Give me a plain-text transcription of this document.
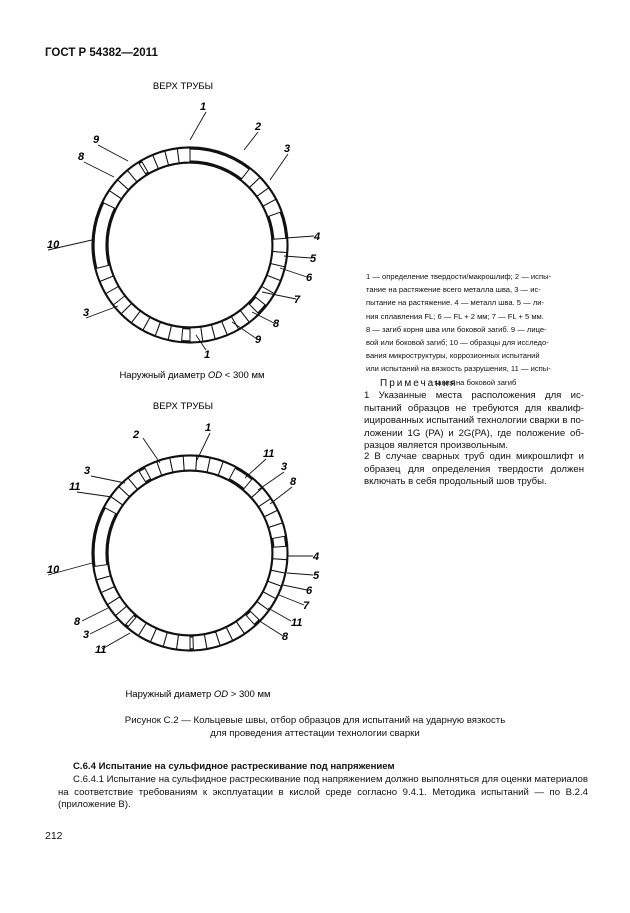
ГОСТ Р 54382—2011
ВЕРХ ТРУБЫ
ВЕРХ ТРУБЫ
Наружный диаметр OD < 300 мм
Наружный диаметр OD > 300 мм
1
2
3
9
8
10
4
5
6
7
3
8
9
1
2
1
3
11
11
3
8
10
4
5
6
7
11
8
3
11
8
1 — определение твердости/макрошлиф; 2 — испы-
тание на растяжение всего металла шва, 3 — ис-
пытание на растяжение. 4 — металл шва. 5 — ли-
ния сплавления FL; 6 — FL + 2 мм; 7 — FL + 5 мм.
8 — загиб корня шва или боковой загиб. 9 — лице-
вой или боковой загиб; 10 — образцы для исследо-
вания микроструктуры, коррозионных испытаний
или испытаний на вязкость разрушения, 11 — испы-

тания на боковой загиб
Примечания
1 Указанные места расположения для ис-пытаний образцов не требуются для квалиф-ицированных испытаний технологии сварки в по-ложении 1G (PA) и 2G(PA), где положение об-разцов является произвольным.
2 В случае сварных труб один микрошлифт и образец для определения твердости должен включать в себя продольный шов трубы.
Рисунок С.2 — Кольцевые швы, отбор образцов для испытаний на ударную вязкость
для проведения аттестации технологии сварки
С.6.4 Испытание на сульфидное растрескивание под напряжением

С.6.4.1 Испытание на сульфидное растрескивание под напряжением должно выполняться для оценки материалов на соответствие требованиям к эксплуатации в кислой среде согласно 9.4.1. Методика испытаний — по В.2.4 (приложение В).

212
